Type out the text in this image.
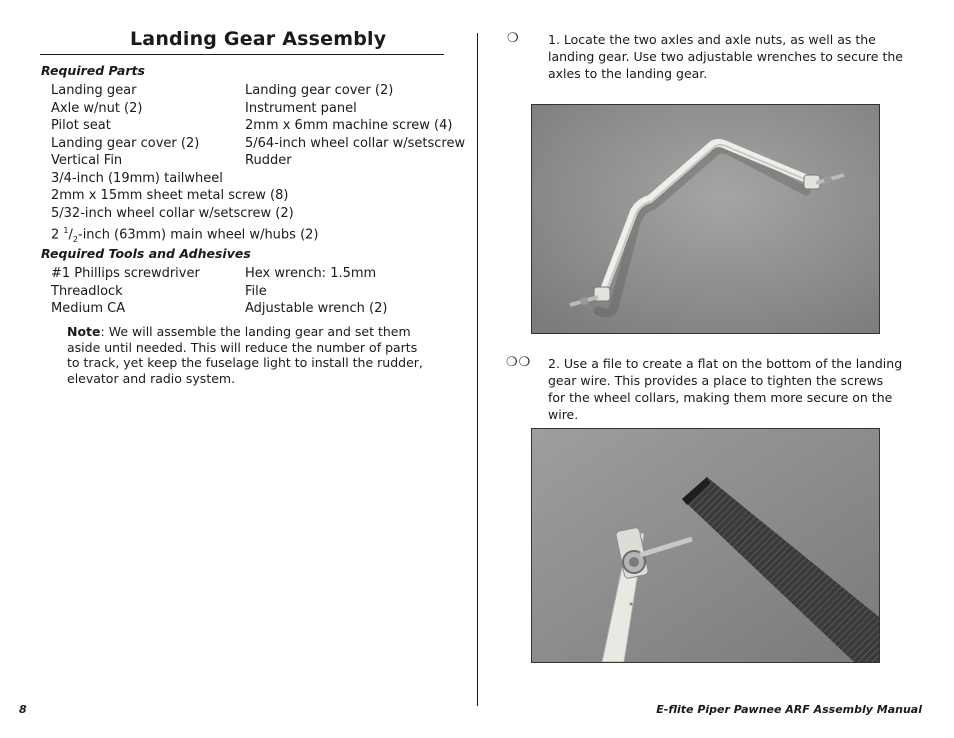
Landing Gear Assembly
Required Parts
Landing gear
Axle w/nut (2)
Pilot seat
Landing gear cover (2)
Vertical Fin
3/4-inch (19mm) tailwheel
2mm x 15mm sheet metal screw (8)
5/32-inch wheel collar w/setscrew (2)
2 $^1/_2$-inch (63mm) main wheel w/hubs (2)
Landing gear cover (2)
Instrument panel
2mm x 6mm machine screw (4)
5/64-inch wheel collar w/setscrew
Rudder
Required Tools and Adhesives
#1 Phillips screwdriver
Threadlock
Medium CA
Hex wrench: 1.5mm
File
Adjustable wrench (2)
Note: We will assemble the landing gear and set them aside until needed. This will reduce the number of parts to track, yet keep the fuselage light to install the rudder, elevator and radio system.
❍ 1. Locate the two axles and axle nuts, as well as the landing gear. Use two adjustable wrenches to secure the axles to the landing gear.
❍❍ 2. Use a file to create a flat on the bottom of the landing gear wire. This provides a place to tighten the screws for the wheel collars, making them more secure on the wire.
8	E-flite Piper Pawnee ARF Assembly Manual
